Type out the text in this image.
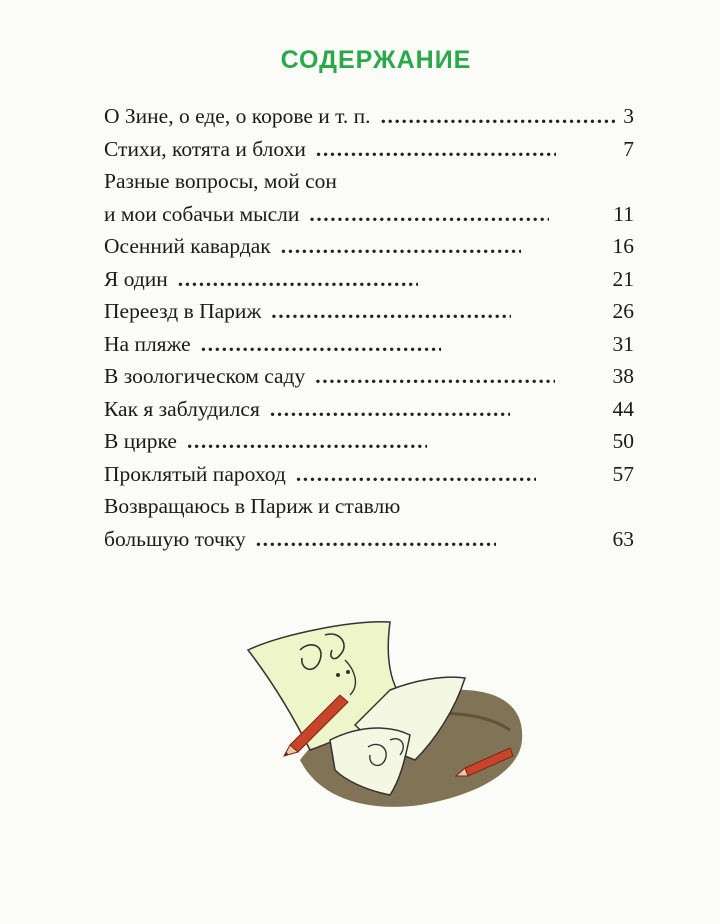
СОДЕРЖАНИЕ
О Зине, о еде, о корове и т. п. .....	3
Стихи, котята и блохи .....	7
Разные вопросы, мой сон
и мои собачьи мысли .....	11
Осенний кавардак .....	16
Я один .....	21
Переезд в Париж .....	26
На пляже .....	31
В зоологическом саду .....	38
Как я заблудился .....	44
В цирке .....	50
Проклятый пароход .....	57
Возвращаюсь в Париж и ставлю
большую точку .....	63
